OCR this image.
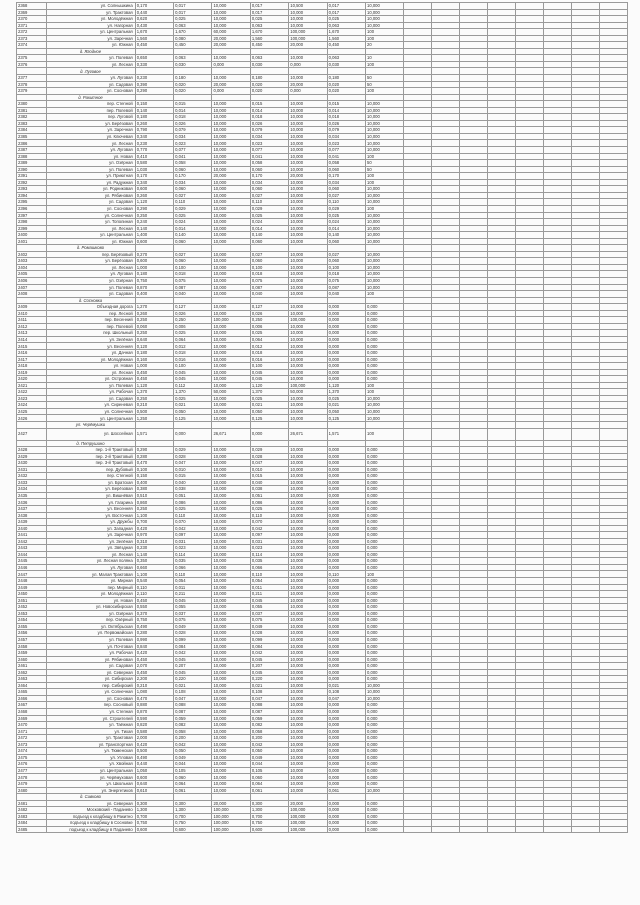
2368	ул. Солнышкина	0,170	0,017	10,000	0,017	10,500	0,017	10,000								
2369	ул. Трактовая	0,440	0,017	10,000	0,017	10,000	0,017	10,000								
2370	ул. Молодёжная	0,620	0,025	10,000	0,025	10,000	0,025	10,000								
2371	ул. Нагорная	0,430	0,063	10,000	0,063	10,000	0,063	10,000								
2372	ул. Центральная	1,670	1,670	60,000	1,670	100,000	1,670	100								
2373	ул. Заречная	1,560	0,080	20,000	1,560	100,000	1,560	100								
2374	ул. Южная	0,450	0,450	20,000	0,450	20,000	0,450	20								
	д. Ягодное															
2375	ул. Полевая	0,650	0,063	10,000	0,063	10,000	0,063	10								
2376	ул. Лесная	0,330	0,030	0,000	0,030	0,000	0,030	100								
	д. Луговое															
2377	ул. Луговая	0,230	0,180	10,000	0,180	10,000	0,180	50								
2378	ул. Садовая	0,390	0,020	20,000	0,020	20,000	0,020	50								
2379	ул. Сосновая	0,290	0,020	0,000	0,020	0,000	0,020	100								
	д. Ракитное															
2380	пер. Степной	0,150	0,015	10,000	0,015	10,000	0,015	10,000								
2381	пер. Полевой	0,140	0,014	10,000	0,014	10,000	0,014	10,000								
2382	пер. Луговой	0,180	0,018	10,000	0,018	10,000	0,018	10,000								
2383	ул. Берёзовая	0,260	0,026	10,000	0,026	10,000	0,026	10,000								
2384	ул. Заречная	0,790	0,079	10,000	0,079	10,000	0,079	10,000								
2385	ул. Ключевая	0,340	0,034	10,000	0,034	10,000	0,034	10,000								
2386	ул. Лесная	0,230	0,023	10,000	0,023	10,000	0,023	10,000								
2387	ул. Луговая	0,770	0,077	10,000	0,077	10,000	0,077	10,000								
2388	ул. Новая	0,410	0,041	10,000	0,041	10,000	0,041	100								
2389	ул. Озёрная	0,580	0,058	10,000	0,058	10,000	0,058	50								
2390	ул. Полевая	1,030	0,060	10,000	0,060	10,000	0,060	50								
2391	ул. Приютная	0,170	0,170	20,000	0,170	20,000	0,170	100								
2392	ул. Радужная	0,340	0,034	10,000	0,034	10,000	0,034	100								
2393	ул. Родниковая	0,600	0,060	10,000	0,060	10,000	0,060	10,000								
2394	ул. Рябиновая	0,260	0,027	10,000	0,027	10,000	0,027	10,000								
2395	ул. Садовая	1,120	0,110	10,000	0,110	10,000	0,110	10,000								
2396	ул. Сосновая	0,290	0,029	10,000	0,029	10,000	0,029	100								
2397	ул. Солнечная	0,250	0,025	10,000	0,025	10,000	0,025	10,000								
2398	ул. Тополиная	0,240	0,024	10,000	0,024	10,000	0,024	10,000								
2399	ул. Лесная	0,140	0,014	10,000	0,014	10,000	0,014	10,000								
2400	ул. Центральная	1,400	0,140	10,000	0,140	10,000	0,140	10,000								
2401	ул. Южная	0,600	0,060	10,000	0,060	10,000	0,060	10,000								
	д. Ромашково															
2402	пер. Берёзовый	0,270	0,027	10,000	0,027	10,000	0,027	10,000								
2403	ул. Берёзовая	0,600	0,060	10,000	0,060	10,000	0,060	10,000								
2404	ул. Лесная	1,000	0,100	10,000	0,100	10,000	0,100	10,000								
2405	ул. Луговая	0,180	0,018	10,000	0,018	10,000	0,018	10,000								
2406	ул. Озёрная	0,750	0,075	10,000	0,075	10,000	0,075	10,000								
2407	ул. Полевая	0,870	0,087	10,000	0,087	10,000	0,087	10,000								
2408	ул. Садовая	0,400	0,040	10,000	0,040	10,000	0,040	100								
	д. Сосновка															
2409	Объездная дорога	1,270	0,127	10,000	0,127	10,000	0,000	0,000								
2410	пер. Лесной	0,260	0,026	10,000	0,026	10,000	0,000	0,000								
2411	пер. Весенний	0,250	0,250	100,000	0,250	100,000	0,000	0,000								
2412	пер. Полевой	0,060	0,006	10,000	0,006	10,000	0,000	0,000								
2413	пер. Школьный	0,250	0,025	10,000	0,025	10,000	0,000	0,000								
2414	ул. Зелёная	0,640	0,064	10,000	0,064	10,000	0,000	0,000								
2415	ул. Весенняя	0,120	0,012	10,000	0,012	10,000	0,000	0,000								
2416	ул. Дачная	0,180	0,018	10,000	0,018	10,000	0,000	0,000								
2417	ул. Молодёжная	0,160	0,016	10,000	0,016	10,000	0,000	0,000								
2418	ул. Новая	1,000	0,100	10,000	0,100	10,000	0,000	0,000								
2419	ул. Лесная	0,450	0,045	10,000	0,045	10,000	0,000	0,000								
2420	ул. Островная	0,450	0,045	10,000	0,045	10,000	0,000	0,000								
2421	ул. Полевая	1,120	0,112	10,000	1,120	100,000	1,120	100								
2422	ул. Рабочая	1,370	1,370	50,000	1,370	50,000	1,370	100								
2423	ул. Садовая	0,250	0,025	10,000	0,025	10,000	0,025	10,000								
2424	ул. Сиреневая	0,210	0,021	10,000	0,021	10,000	0,021	10,000								
2425	ул. Солнечная	0,500	0,050	10,000	0,050	10,000	0,050	10,000								
2426	ул. Центральная	1,250	0,125	10,000	0,125	10,000	0,125	10,000								
	ул. Черёмушки															
2427	ул. Шоссейная	1,571	0,000	26,671	0,000	26,671	1,571	100								
	д. Петрушино															
2428	пер. 1-й Трактовый	0,290	0,029	10,000	0,029	10,000	0,000	0,000								
2429	пер. 2-й Трактовый	0,280	0,028	10,000	0,028	10,000	0,000	0,000								
2430	пер. 3-й Трактовый	0,470	0,047	10,000	0,047	10,000	0,000	0,000								
2431	пер. Дубовый	0,100	0,010	10,000	0,010	10,000	0,000	0,000								
2432	пер. Степной	0,150	0,015	10,000	0,015	10,000	0,000	0,000								
2433	ул. Братская	0,400	0,040	10,000	0,040	10,000	0,000	0,000								
2434	ул. Берёзовая	0,380	0,038	10,000	0,038	10,000	0,000	0,000								
2435	ул. Вишнёвая	0,510	0,051	10,000	0,051	10,000	0,000	0,000								
2436	ул. Гагарина	0,860	0,086	10,000	0,086	10,000	0,000	0,000								
2437	ул. Весенняя	0,250	0,025	10,000	0,025	10,000	0,000	0,000								
2438	ул. Восточная	1,100	0,110	10,000	0,110	10,000	0,000	0,000								
2439	ул. Дружбы	0,700	0,070	10,000	0,070	10,000	0,000	0,000								
2440	ул. Западная	0,420	0,042	10,000	0,042	10,000	0,000	0,000								
2441	ул. Заречная	0,970	0,097	10,000	0,097	10,000	0,000	0,000								
2442	ул. Зелёная	0,310	0,031	10,000	0,031	10,000	0,000	0,000								
2443	ул. Звёздная	0,230	0,023	10,000	0,023	10,000	0,000	0,000								
2444	ул. Лесная	1,140	0,114	10,000	0,114	10,000	0,000	0,000								
2445	ул. Лесная поляна	0,350	0,035	10,000	0,035	10,000	0,000	0,000								
2446	ул. Луговая	0,660	0,066	10,000	0,066	10,000	0,000	0,000								
2447	ул. Малая Трактовая	1,100	0,110	10,000	0,110	10,000	0,110	100								
2448	ул. Мирная	0,540	0,054	10,000	0,054	10,000	0,000	0,000								
2449	пер. Мирный	0,110	0,011	10,000	0,011	10,000	0,000	0,000								
2450	ул. Молодёжная	2,110	0,211	10,000	0,211	10,000	0,000	0,000								
2451	ул. Новая	0,450	0,045	10,000	0,045	10,000	0,000	0,000								
2452	ул. Новосибирская	0,550	0,055	10,000	0,055	10,000	0,000	0,000								
2453	ул. Озёрная	0,370	0,037	10,000	0,037	10,000	0,000	0,000								
2454	пер. Озёрный	0,750	0,075	10,000	0,075	10,000	0,000	0,000								
2455	ул. Октябрьская	0,490	0,049	10,000	0,049	10,000	0,000	0,000								
2456	ул. Первомайская	0,280	0,028	10,000	0,028	10,000	0,000	0,000								
2457	ул. Полевая	0,990	0,099	10,000	0,099	10,000	0,000	0,000								
2458	ул. Почтовая	0,840	0,084	10,000	0,084	10,000	0,000	0,000								
2459	ул. Рабочая	0,420	0,042	10,000	0,042	10,000	0,000	0,000								
2460	ул. Рябиновая	0,450	0,045	10,000	0,045	10,000	0,000	0,000								
2461	ул. Садовая	2,070	0,207	10,000	0,207	10,000	0,000	0,000								
2462	ул. Северная	0,450	0,045	10,000	0,045	10,000	0,000	0,000								
2463	ул. Сибирская	2,200	0,220	10,000	0,220	10,000	0,000	0,000								
2464	пер. Сибирский	0,210	0,021	10,000	0,021	10,000	0,021	10,000								
2465	ул. Солнечная	1,080	0,108	10,000	0,108	10,000	0,108	10,000								
2466	ул. Сосновая	0,470	0,047	10,000	0,047	10,000	0,047	10,000								
2467	пер. Сосновый	0,880	0,088	10,000	0,088	10,000	0,000	0,000								
2468	ул. Степная	0,870	0,087	10,000	0,087	10,000	0,000	0,000								
2469	ул. Строителей	0,590	0,059	10,000	0,059	10,000	0,000	0,000								
2470	ул. Таёжная	0,820	0,082	10,000	0,082	10,000	0,000	0,000								
2471	ул. Тихая	0,580	0,058	10,000	0,058	10,000	0,000	0,000								
2472	ул. Трактовая	2,000	0,200	10,000	0,200	10,000	0,000	0,000								
2473	ул. Транспортная	0,420	0,042	10,000	0,042	10,000	0,000	0,000								
2474	ул. Тюменская	0,500	0,050	10,000	0,050	10,000	0,000	0,000								
2475	ул. Угловая	0,490	0,049	10,000	0,049	10,000	0,000	0,000								
2476	ул. Хвойная	0,440	0,044	10,000	0,044	10,000	0,000	0,000								
2477	ул. Центральная	1,050	0,105	10,000	0,105	10,000	0,000	0,000								
2478	ул. Черёмуховая	0,600	0,060	10,000	0,060	10,000	0,000	0,000								
2479	ул. Школьная	0,640	0,064	10,000	0,064	10,000	0,000	0,000								
2480	ул. Энергетиков	0,610	0,061	10,000	0,061	10,000	0,061	10,000								
	д. Сивково															
2481	ул. Северная	0,300	0,300	20,000	0,300	20,000	0,000	0,000								
2482	Московский - Паданево	1,300	1,300	100,000	1,300	100,000	0,000	0,000								
2483	подъезд к кладбищу в Ракитно	0,700	0,700	100,000	0,700	100,000	0,000	0,000								
2484	подъезд к кладбищу в Сосновке	0,750	0,750	100,000	0,750	100,000	0,000	0,000								
2485	подъезд к кладбищу в Паданево	0,600	0,600	100,000	0,600	100,000	0,000	0,000								
